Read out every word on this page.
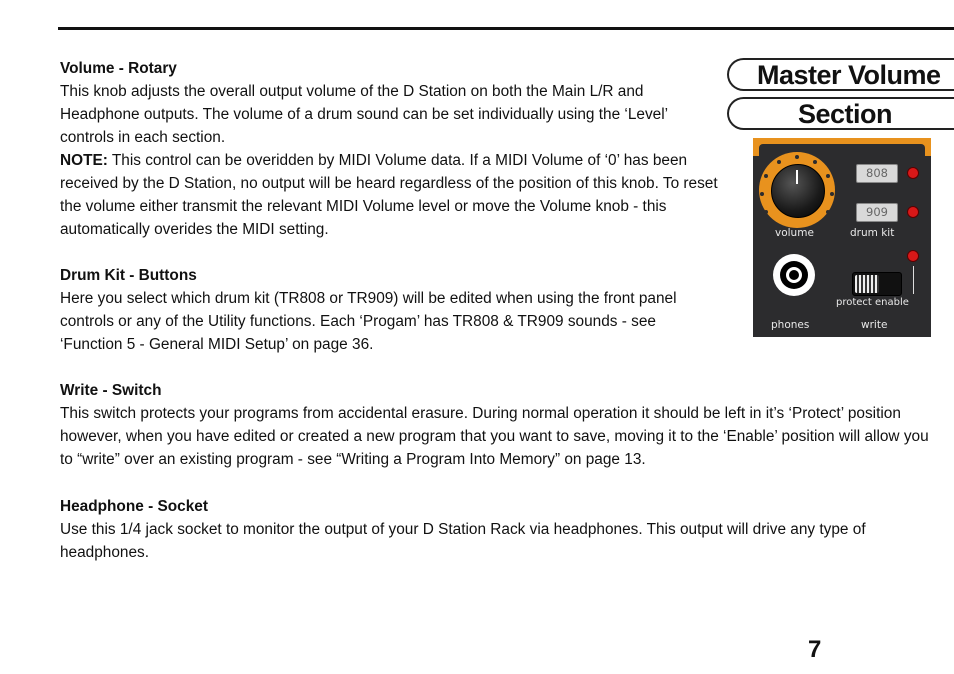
Master Volume
Section

Volume - Rotary

This knob adjusts the overall output volume of the D Station on both the Main L/R and Headphone outputs. The volume of a drum sound can be set individually using the ‘Level’ controls in each section.

NOTE: This control can be overidden by MIDI Volume data. If a MIDI Volume of ‘0’ has been received by the D Station, no output will be heard regardless of the position of this knob. To reset the volume either transmit the relevant MIDI Volume level or move the Volume knob - this automatically overides the MIDI setting.

Drum Kit - Buttons

Here you select which drum kit (TR808 or TR909) will be edited when using the front panel controls or any of the Utility functions. Each ‘Progam’ has TR808 & TR909 sounds - see ‘Function 5 - General MIDI Setup’ on page 36.

Write - Switch

This switch protects your programs from accidental erasure. During normal operation it should be left in it’s ‘Protect’ position however, when you have edited or created a new program that you want to save, moving it to the ‘Enable’ position will allow you to “write” over an existing program - see “Writing a Program Into Memory” on page 13.

Headphone - Socket

Use this 1/4 jack socket to monitor the output of your D Station Rack via headphones. This output will drive any type of headphones.

volume
808
909
drum kit
protect enable
phones	write
7
